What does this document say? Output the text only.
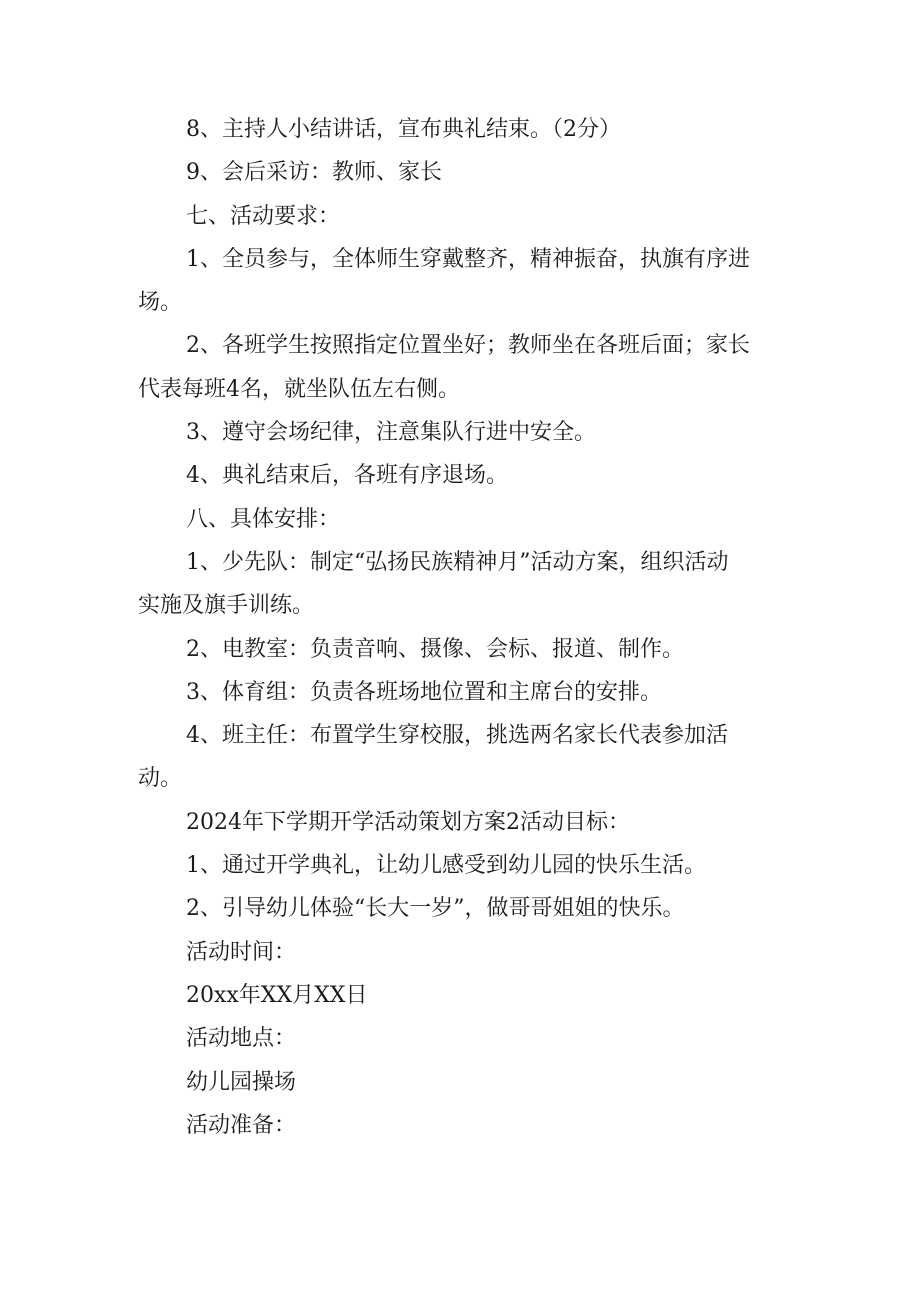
8、主持人小结讲话，宣布典礼结束。（2分）

9、会后采访：教师、家长

七、活动要求：

1、全员参与，全体师生穿戴整齐，精神振奋，执旗有序进
场。
2、各班学生按照指定位置坐好；教师坐在各班后面；家长
代表每班4名，就坐队伍左右侧。

3、遵守会场纪律，注意集队行进中安全。

4、典礼结束后，各班有序退场。

八、具体安排：

1、少先队：制定“弘扬民族精神月”活动方案，组织活动
实施及旗手训练。

2、电教室：负责音响、摄像、会标、报道、制作。

3、体育组：负责各班场地位置和主席台的安排。

4、班主任：布置学生穿校服，挑选两名家长代表参加活
动。

2024年下学期开学活动策划方案2活动目标：

1、通过开学典礼，让幼儿感受到幼儿园的快乐生活。

2、引导幼儿体验“长大一岁”，做哥哥姐姐的快乐。

活动时间：

20xx年XX月XX日

活动地点：

幼儿园操场

活动准备：
